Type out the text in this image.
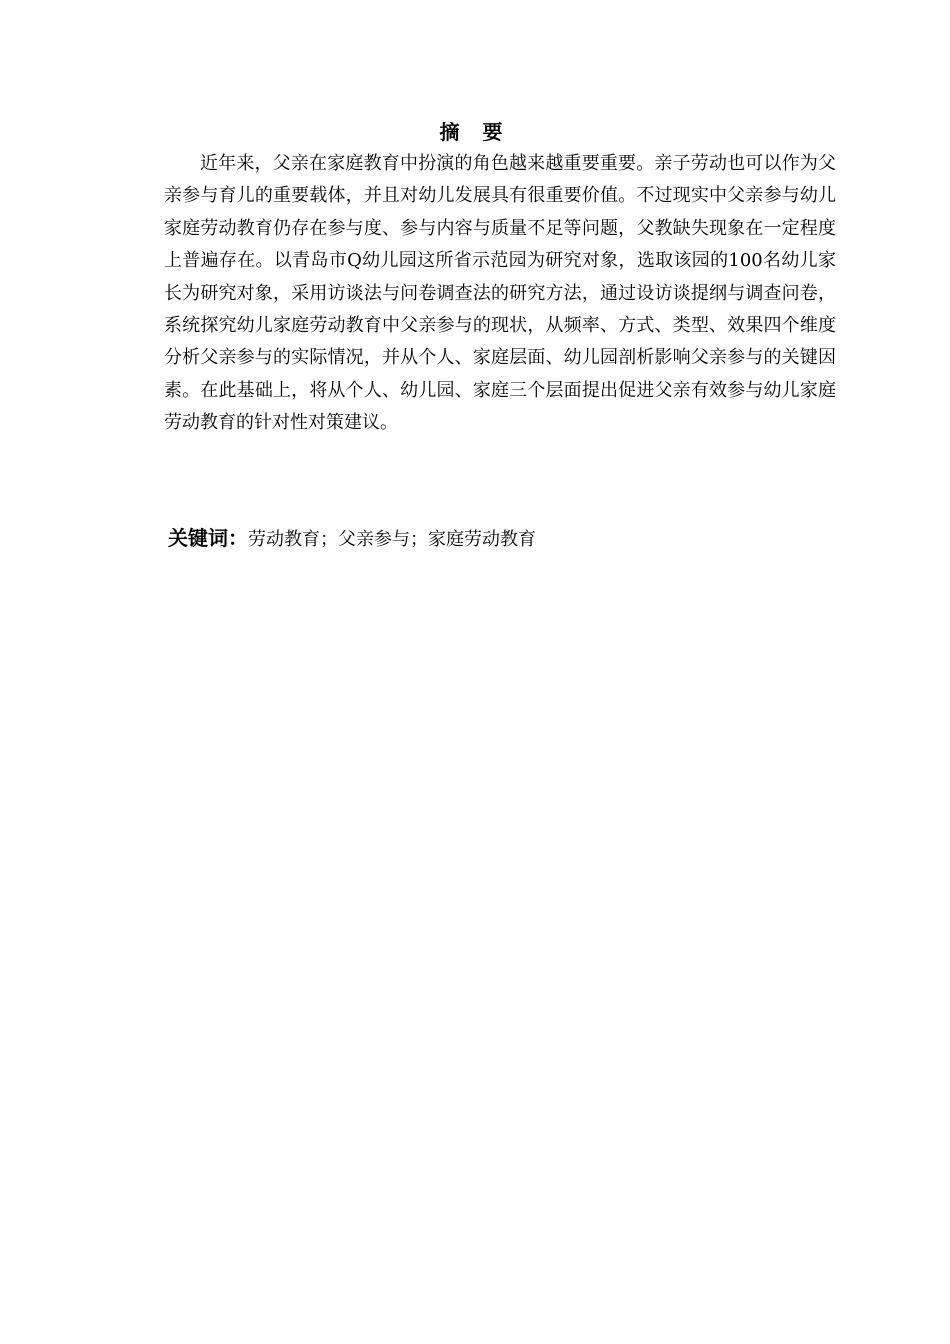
摘 要

近年来，父亲在家庭教育中扮演的角色越来越重要重要。亲子劳动也可以作为父亲参与育儿的重要载体，并且对幼儿发展具有很重要价值。不过现实中父亲参与幼儿家庭劳动教育仍存在参与度、参与内容与质量不足等问题，父教缺失现象在一定程度上普遍存在。以青岛市Q幼儿园这所省示范园为研究对象，选取该园的100名幼儿家长为研究对象，采用访谈法与问卷调查法的研究方法，通过设访谈提纲与调查问卷，系统探究幼儿家庭劳动教育中父亲参与的现状，从频率、方式、类型、效果四个维度分析父亲参与的实际情况，并从个人、家庭层面、幼儿园剖析影响父亲参与的关键因素。在此基础上，将从个人、幼儿园、家庭三个层面提出促进父亲有效参与幼儿家庭劳动教育的针对性对策建议。

关键词：劳动教育；父亲参与；家庭劳动教育
